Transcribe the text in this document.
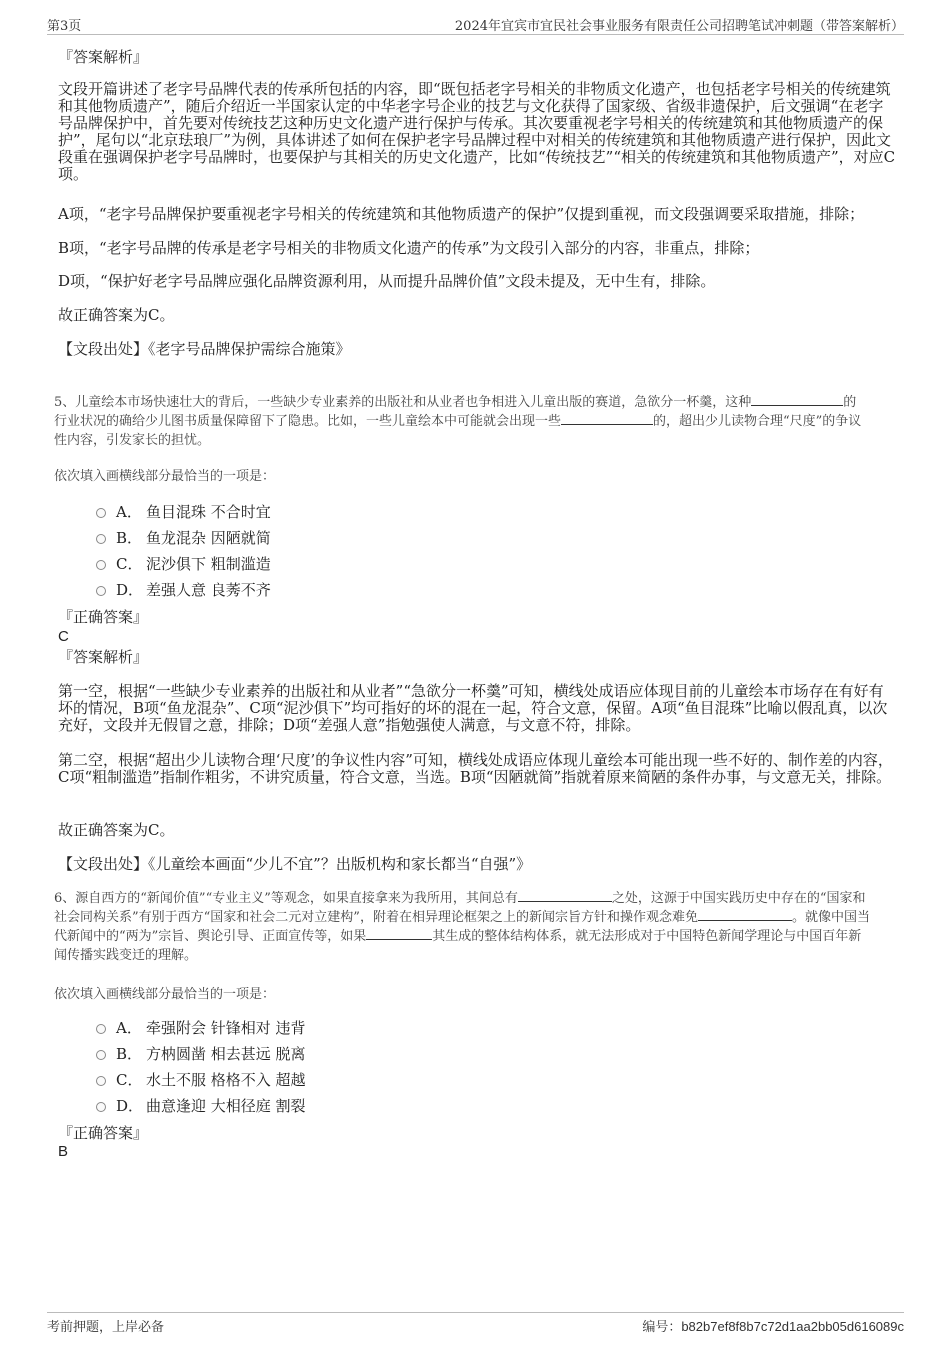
第3页	2024年宜宾市宜民社会事业服务有限责任公司招聘笔试冲刺题（带答案解析）
『答案解析』

文段开篇讲述了老字号品牌代表的传承所包括的内容，即“既包括老字号相关的非物质文化遗产，也包括老字号相关的传统建筑和其他物质遗产”，随后介绍近一半国家认定的中华老字号企业的技艺与文化获得了国家级、省级非遗保护，后文强调“在老字号品牌保护中，首先要对传统技艺这种历史文化遗产进行保护与传承。其次要重视老字号相关的传统建筑和其他物质遗产的保护”，尾句以“北京珐琅厂”为例，具体讲述了如何在保护老字号品牌过程中对相关的传统建筑和其他物质遗产进行保护，因此文段重在强调保护老字号品牌时，也要保护与其相关的历史文化遗产，比如“传统技艺”“相关的传统建筑和其他物质遗产”，对应C项。

A项，“老字号品牌保护要重视老字号相关的传统建筑和其他物质遗产的保护”仅提到重视，而文段强调要采取措施，排除；

B项，“老字号品牌的传承是老字号相关的非物质文化遗产的传承”为文段引入部分的内容，非重点，排除；

D项，“保护好老字号品牌应强化品牌资源利用，从而提升品牌价值”文段未提及，无中生有，排除。

故正确答案为C。
【文段出处】《老字号品牌保护需综合施策》
5、儿童绘本市场快速壮大的背后，一些缺少专业素养的出版社和从业者也争相进入儿童出版的赛道，急欲分一杯羹，这种	的
行业状况的确给少儿图书质量保障留下了隐患。比如，一些儿童绘本中可能就会出现一些	的，超出少儿读物合理“尺度”的争议
性内容，引发家长的担忧。
依次填入画横线部分最恰当的一项是：
A． 鱼目混珠 不合时宜
B． 鱼龙混杂 因陋就简
C． 泥沙俱下 粗制滥造
D． 差强人意 良莠不齐
『正确答案』
C
『答案解析』

第一空，根据“一些缺少专业素养的出版社和从业者”“急欲分一杯羹”可知，横线处成语应体现目前的儿童绘本市场存在有好有坏的情况，B项“鱼龙混杂”、C项“泥沙俱下”均可指好的坏的混在一起，符合文意，保留。A项“鱼目混珠”比喻以假乱真，以次充好，文段并无假冒之意，排除；D项“差强人意”指勉强使人满意，与文意不符，排除。

第二空，根据“超出少儿读物合理‘尺度’的争议性内容”可知，横线处成语应体现儿童绘本可能出现一些不好的、制作差的内容，C项“粗制滥造”指制作粗劣，不讲究质量，符合文意，当选。B项“因陋就简”指就着原来简陋的条件办事，与文意无关，排除。

故正确答案为C。
【文段出处】《儿童绘本画面“少儿不宜”？出版机构和家长都当“自强”》
6、源自西方的“新闻价值”“专业主义”等观念，如果直接拿来为我所用，其间总有	之处，这源于中国实践历史中存在的“国家和
社会同构关系”有别于西方“国家和社会二元对立建构”，附着在相异理论框架之上的新闻宗旨方针和操作观念难免	。就像中国当
代新闻中的“两为”宗旨、舆论引导、正面宣传等，如果	其生成的整体结构体系，就无法形成对于中国特色新闻学理论与中国百年新
闻传播实践变迁的理解。
依次填入画横线部分最恰当的一项是：
A． 牵强附会 针锋相对 违背
B． 方枘圆凿 相去甚远 脱离
C． 水土不服 格格不入 超越
D． 曲意逢迎 大相径庭 割裂
『正确答案』
B
考前押题，上岸必备	编号：b82b7ef8f8b7c72d1aa2bb05d616089c
